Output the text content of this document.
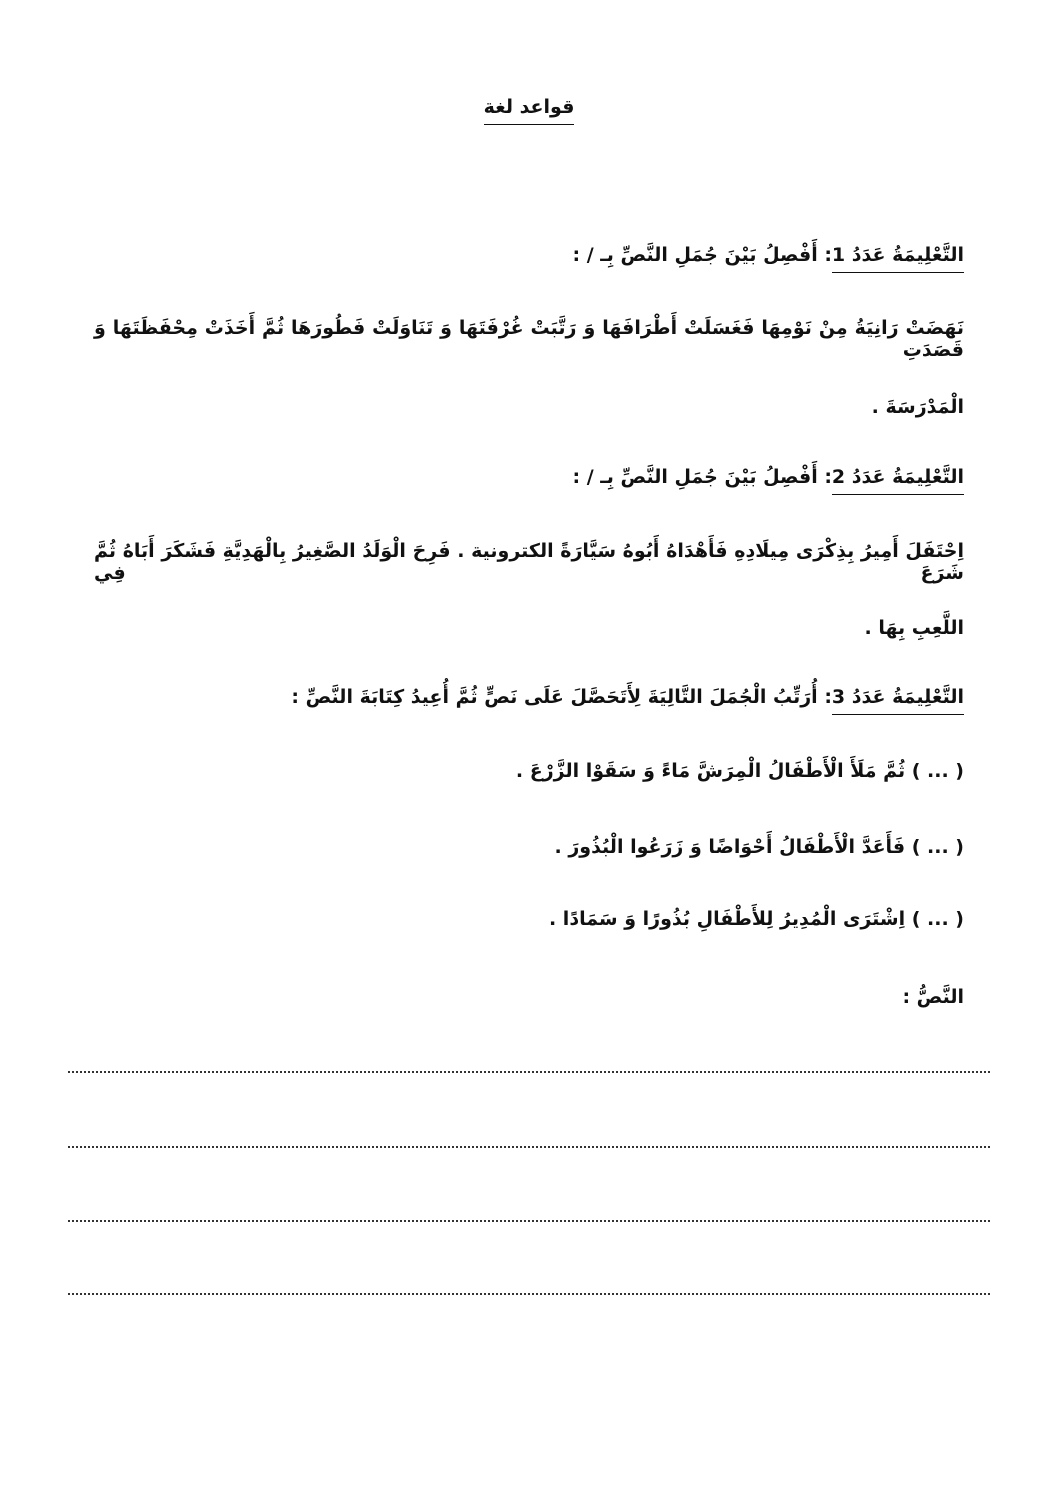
قواعد لغة
التَّعْلِيمَةُ عَدَدُ 1: أَفْصِلُ بَيْنَ جُمَلِ النَّصِّ بِـ / :
نَهَضَتْ رَانِيَةُ مِنْ نَوْمِهَا فَغَسَلَتْ أَطْرَافَهَا وَ رَتَّبَتْ غُرْفَتَهَا وَ تَنَاوَلَتْ فَطُورَهَا ثُمَّ أَخَذَتْ مِحْفَظَتَهَا وَ قَصَدَتِ
الْمَدْرَسَةَ .
التَّعْلِيمَةُ عَدَدُ 2: أَفْصِلُ بَيْنَ جُمَلِ النَّصِّ بِـ / :
اِحْتَفَلَ أَمِيرُ بِذِكْرَى مِيلَادِهِ فَأَهْدَاهُ أَبُوهُ سَيَّارَةً الكترونية . فَرِحَ الْوَلَدُ الصَّغِيرُ بِالْهَدِيَّةِ فَشَكَرَ أَبَاهُ ثُمَّ شَرَعَ فِي
اللَّعِبِ بِهَا .
التَّعْلِيمَةُ عَدَدُ 3: أُرَتِّبُ الْجُمَلَ التَّالِيَةَ لِأَتَحَصَّلَ عَلَى نَصٍّ ثُمَّ أُعِيدُ كِتَابَةَ النَّصِّ :
( ... ) ثُمَّ مَلَأَ الْأَطْفَالُ الْمِرَشَّ مَاءً وَ سَقَوْا الزَّرْعَ .
( ... ) فَأَعَدَّ الْأَطْفَالُ أَحْوَاضًا وَ زَرَعُوا الْبُذُورَ .
( ... ) اِشْتَرَى الْمُدِيرُ لِلأَطْفَالِ بُذُورًا وَ سَمَادًا .
النَّصُّ :
